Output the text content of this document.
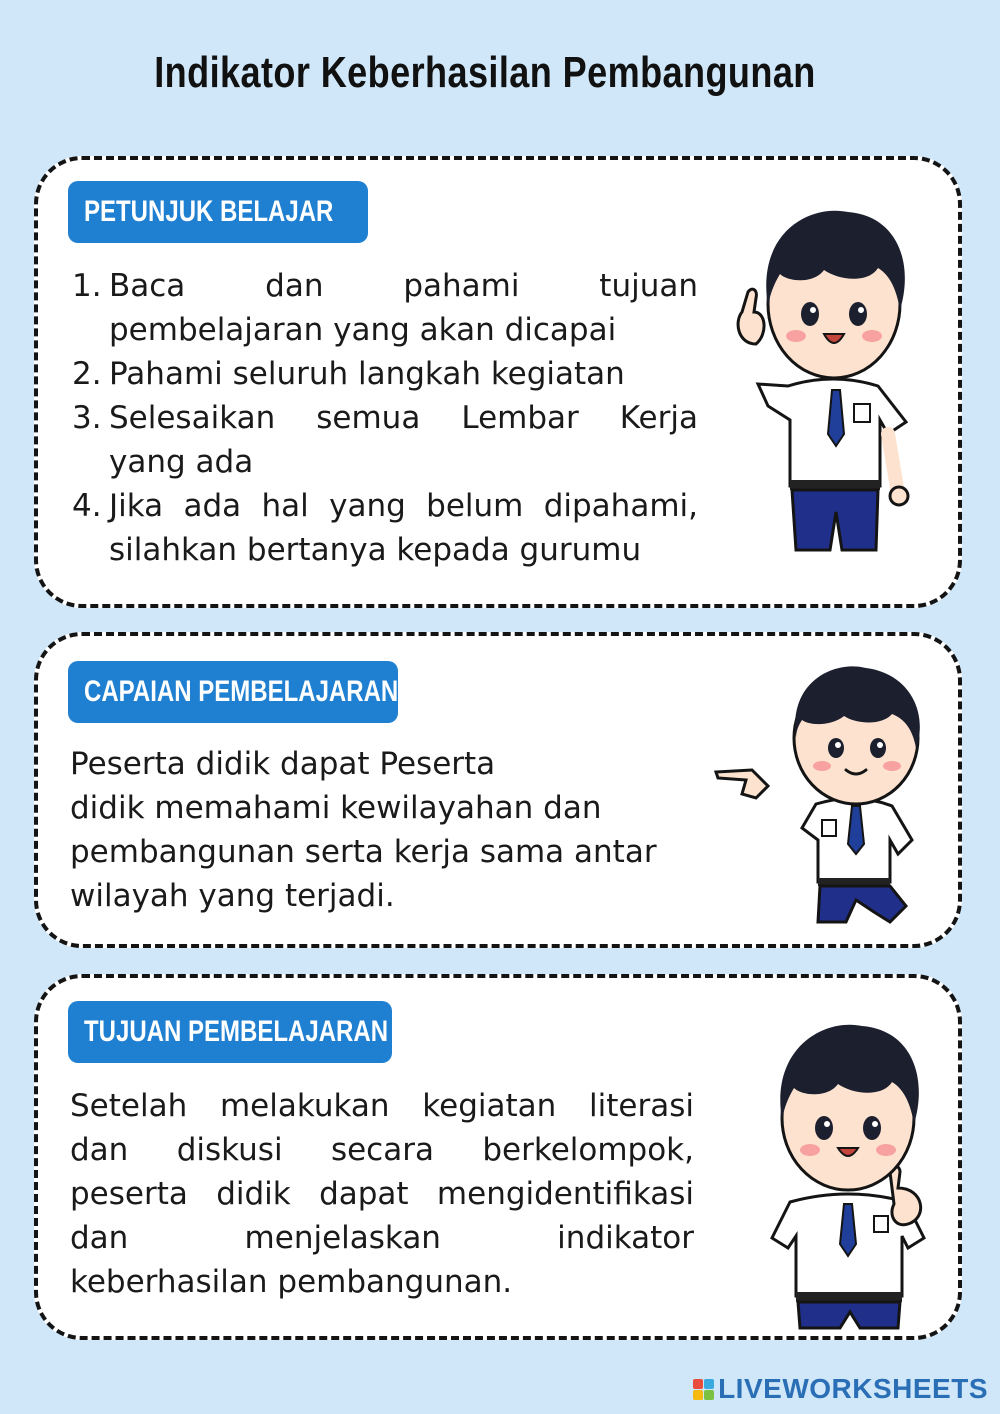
Indikator Keberhasilan Pembangunan
PETUNJUK BELAJAR
1. Baca dan pahami tujuan
pembelajaran yang akan dicapai
2. Pahami seluruh langkah kegiatan
3. Selesaikan semua Lembar Kerja
yang ada
4. Jika ada hal yang belum dipahami,
silahkan bertanya kepada gurumu
CAPAIAN PEMBELAJARAN

Peserta didik dapat Peserta
didik memahami kewilayahan dan
pembangunan serta kerja sama antar
wilayah yang terjadi.

TUJUAN PEMBELAJARAN

Setelah melakukan kegiatan literasi
dan diskusi secara berkelompok,
peserta didik dapat mengidentifikasi
dan menjelaskan indikator
keberhasilan pembangunan.

LIVEWORKSHEETS
